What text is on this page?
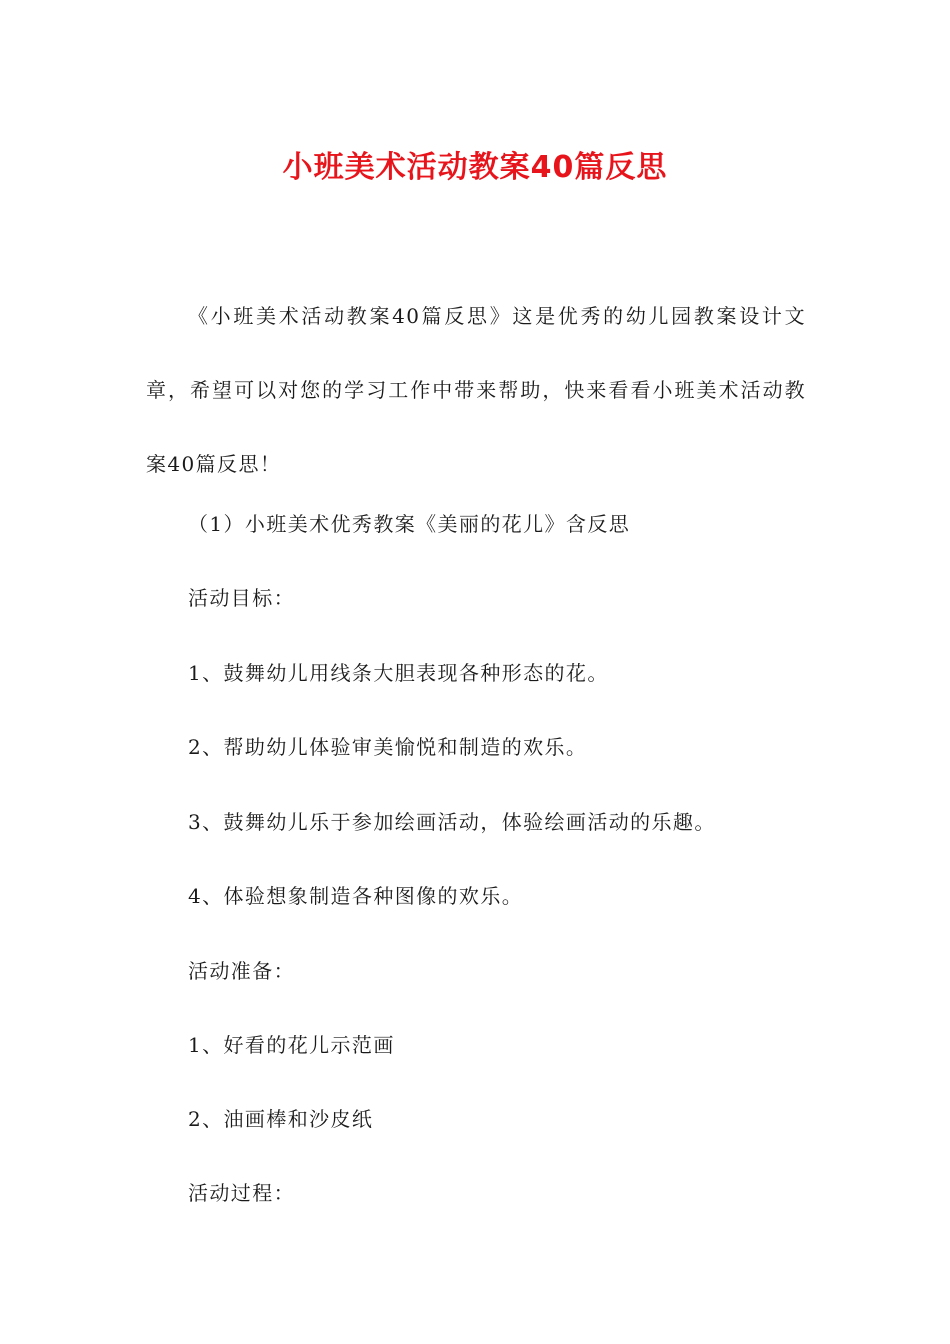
小班美术活动教案40篇反思

《小班美术活动教案40篇反思》这是优秀的幼儿园教案设计文章，希望可以对您的学习工作中带来帮助，快来看看小班美术活动教案40篇反思！

（1）小班美术优秀教案《美丽的花儿》含反思

活动目标：

1、鼓舞幼儿用线条大胆表现各种形态的花。

2、帮助幼儿体验审美愉悦和制造的欢乐。

3、鼓舞幼儿乐于参加绘画活动，体验绘画活动的乐趣。

4、体验想象制造各种图像的欢乐。

活动准备：

1、好看的花儿示范画

2、油画棒和沙皮纸

活动过程：
